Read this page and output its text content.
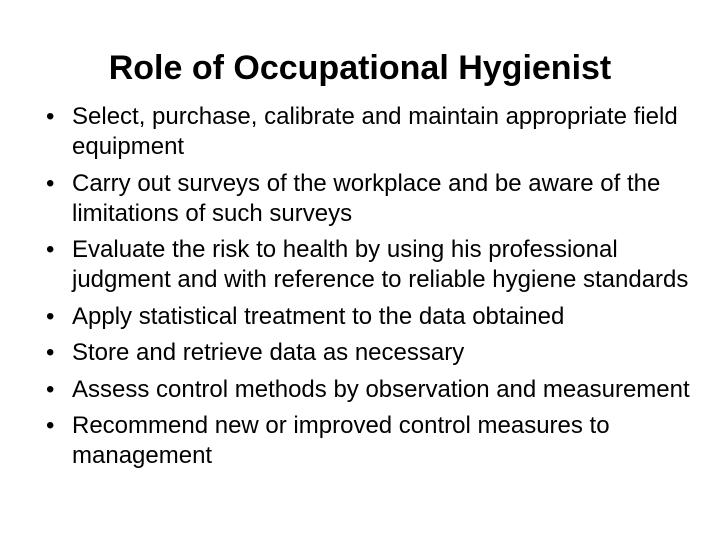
Role of Occupational Hygienist
• Select, purchase, calibrate and maintain appropriate field equipment
• Carry out surveys of the workplace and be aware of the limitations of such surveys
• Evaluate the risk to health by using his professional judgment and with reference to reliable hygiene standards
• Apply statistical treatment to the data obtained
• Store and retrieve data as necessary
• Assess control methods by observation and measurement
• Recommend new or improved control measures to management
